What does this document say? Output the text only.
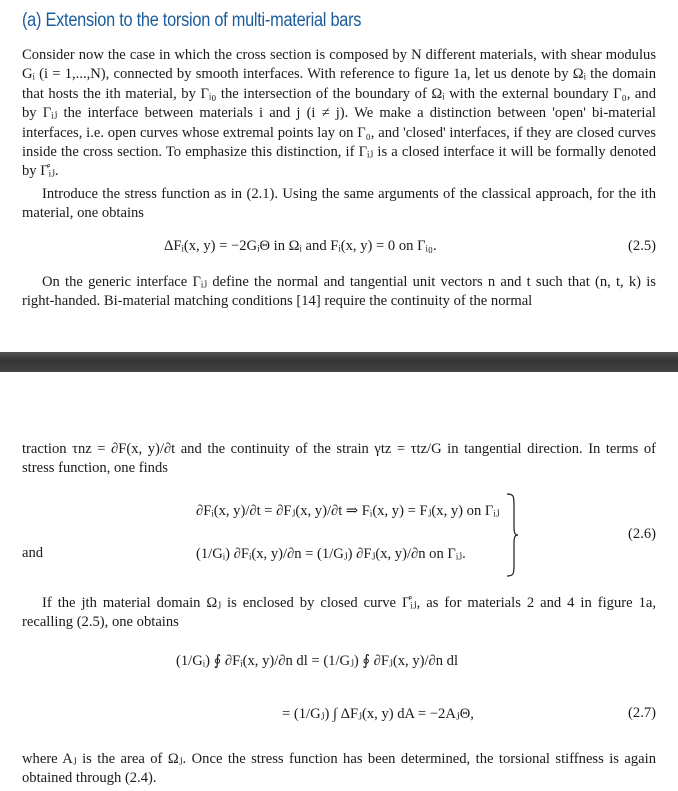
(a) Extension to the torsion of multi-material bars

Consider now the case in which the cross section is composed by N different materials, with shear modulus Gᵢ (i = 1,...,N), connected by smooth interfaces. With reference to figure 1a, let us denote by Ωᵢ the domain that hosts the ith material, by Γᵢ₀ the intersection of the boundary of Ωᵢ with the external boundary Γ₀, and by Γᵢⱼ the interface between materials i and j (i ≠ j). We make a distinction between 'open' bi-material interfaces, i.e. open curves whose extremal points lay on Γ₀, and 'closed' interfaces, if they are closed curves inside the cross section. To emphasize this distinction, if Γᵢⱼ is a closed interface it will be formally denoted by Γ̊ᵢⱼ.

Introduce the stress function as in (2.1). Using the same arguments of the classical approach, for the ith material, one obtains

ΔFᵢ(x, y) = −2GᵢΘ in Ωᵢ and Fᵢ(x, y) = 0 on Γᵢ₀.	(2.5)

On the generic interface Γᵢⱼ define the normal and tangential unit vectors n and t such that (n, t, k) is right-handed. Bi-material matching conditions [14] require the continuity of the normal

traction τnz = ∂F(x, y)/∂t and the continuity of the strain γtz = τtz/G in tangential direction. In terms of stress function, one finds

∂Fᵢ(x, y)/∂t = ∂Fⱼ(x, y)/∂t ⇒ Fᵢ(x, y) = Fⱼ(x, y) on Γᵢⱼ
and	(1/Gᵢ) ∂Fᵢ(x, y)/∂n = (1/Gⱼ) ∂Fⱼ(x, y)/∂n on Γᵢⱼ.
(2.6)

If the jth material domain Ωⱼ is enclosed by closed curve Γ̊ᵢⱼ, as for materials 2 and 4 in figure 1a, recalling (2.5), one obtains

(1/Gᵢ) ∮ ∂Fᵢ(x, y)/∂n dl = (1/Gⱼ) ∮ ∂Fⱼ(x, y)/∂n dl
= (1/Gⱼ) ∫ ΔFⱼ(x, y) dA = −2AⱼΘ,	(2.7)

where Aⱼ is the area of Ωⱼ. Once the stress function has been determined, the torsional stiffness is again obtained through (2.4).
